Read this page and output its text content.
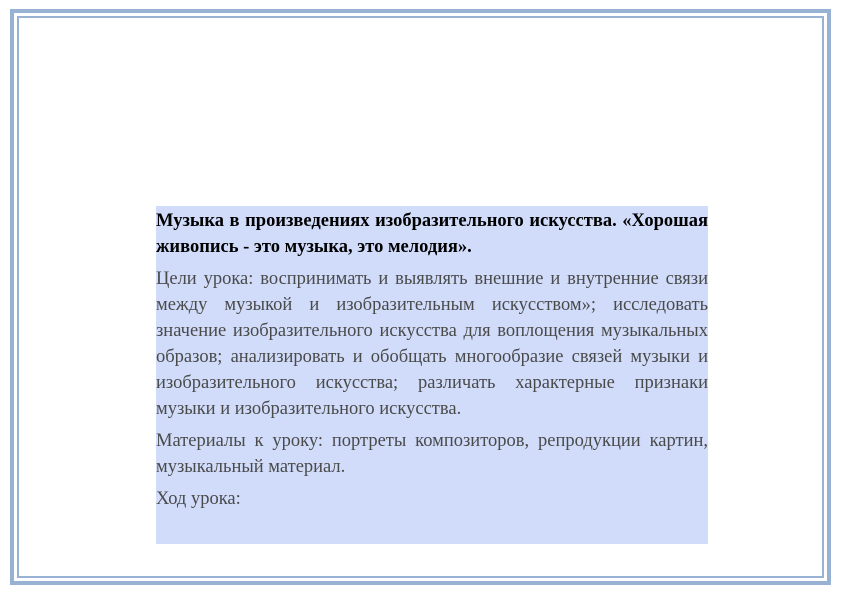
Музыка в произведениях изобразительного искусства. «Хорошая живопись - это музыка, это мелодия».

Цели урока: воспринимать и выявлять внешние и внутренние связи между музыкой и изобразительным искусством»; исследовать значение изобразительного искусства для воплощения музыкальных образов; анализировать и обобщать многообразие связей музыки и изобразительного искусства; различать характерные признаки музыки и изобразительного искусства.

Материалы к уроку: портреты композиторов, репродукции картин, музыкальный материал.

Ход урока:
